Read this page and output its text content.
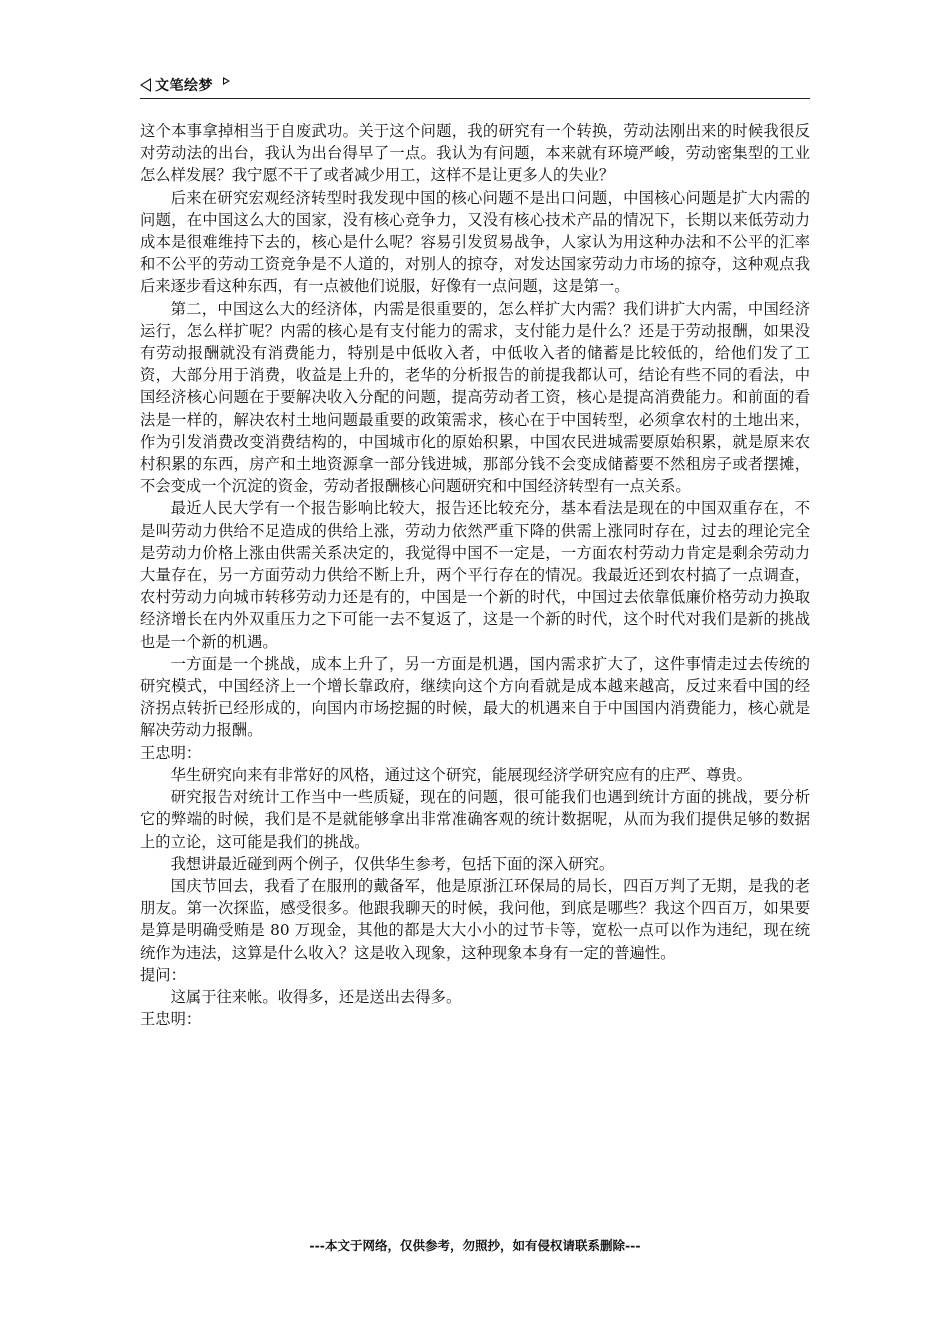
文笔绘梦

这个本事拿掉相当于自废武功。关于这个问题，我的研究有一个转换，劳动法刚出来的时候我很反对劳动法的出台，我认为出台得早了一点。我认为有问题，本来就有环境严峻，劳动密集型的工业怎么样发展？我宁愿不干了或者减少用工，这样不是让更多人的失业？

后来在研究宏观经济转型时我发现中国的核心问题不是出口问题，中国核心问题是扩大内需的问题，在中国这么大的国家，没有核心竞争力，又没有核心技术产品的情况下，长期以来低劳动力成本是很难维持下去的，核心是什么呢？容易引发贸易战争，人家认为用这种办法和不公平的汇率和不公平的劳动工资竞争是不人道的，对别人的掠夺，对发达国家劳动力市场的掠夺，这种观点我后来逐步看这种东西，有一点被他们说服，好像有一点问题，这是第一。

第二，中国这么大的经济体，内需是很重要的，怎么样扩大内需？我们讲扩大内需，中国经济运行，怎么样扩呢？内需的核心是有支付能力的需求，支付能力是什么？还是于劳动报酬，如果没有劳动报酬就没有消费能力，特别是中低收入者，中低收入者的储蓄是比较低的，给他们发了工资，大部分用于消费，收益是上升的，老华的分析报告的前提我都认可，结论有些不同的看法，中国经济核心问题在于要解决收入分配的问题，提高劳动者工资，核心是提高消费能力。和前面的看法是一样的，解决农村土地问题最重要的政策需求，核心在于中国转型，必须拿农村的土地出来，作为引发消费改变消费结构的，中国城市化的原始积累，中国农民进城需要原始积累，就是原来农村积累的东西，房产和土地资源拿一部分钱进城，那部分钱不会变成储蓄要不然租房子或者摆摊，不会变成一个沉淀的资金，劳动者报酬核心问题研究和中国经济转型有一点关系。

最近人民大学有一个报告影响比较大，报告还比较充分，基本看法是现在的中国双重存在，不是叫劳动力供给不足造成的供给上涨，劳动力依然严重下降的供需上涨同时存在，过去的理论完全是劳动力价格上涨由供需关系决定的，我觉得中国不一定是，一方面农村劳动力肯定是剩余劳动力大量存在，另一方面劳动力供给不断上升，两个平行存在的情况。我最近还到农村搞了一点调查，农村劳动力向城市转移劳动力还是有的，中国是一个新的时代，中国过去依靠低廉价格劳动力换取经济增长在内外双重压力之下可能一去不复返了，这是一个新的时代，这个时代对我们是新的挑战也是一个新的机遇。

一方面是一个挑战，成本上升了，另一方面是机遇，国内需求扩大了，这件事情走过去传统的研究模式，中国经济上一个增长靠政府，继续向这个方向看就是成本越来越高，反过来看中国的经济拐点转折已经形成的，向国内市场挖掘的时候，最大的机遇来自于中国国内消费能力，核心就是解决劳动力报酬。

王忠明：

华生研究向来有非常好的风格，通过这个研究，能展现经济学研究应有的庄严、尊贵。

研究报告对统计工作当中一些质疑，现在的问题，很可能我们也遇到统计方面的挑战，要分析它的弊端的时候，我们是不是就能够拿出非常准确客观的统计数据呢，从而为我们提供足够的数据上的立论，这可能是我们的挑战。

我想讲最近碰到两个例子，仅供华生参考，包括下面的深入研究。

国庆节回去，我看了在服刑的戴备军，他是原浙江环保局的局长，四百万判了无期，是我的老朋友。第一次探监，感受很多。他跟我聊天的时候，我问他，到底是哪些？我这个四百万，如果要是算是明确受贿是 80 万现金，其他的都是大大小小的过节卡等，宽松一点可以作为违纪，现在统统作为违法，这算是什么收入？这是收入现象，这种现象本身有一定的普遍性。

提问：

这属于往来帐。收得多，还是送出去得多。

王忠明：

---本文于网络，仅供参考，勿照抄，如有侵权请联系删除---
